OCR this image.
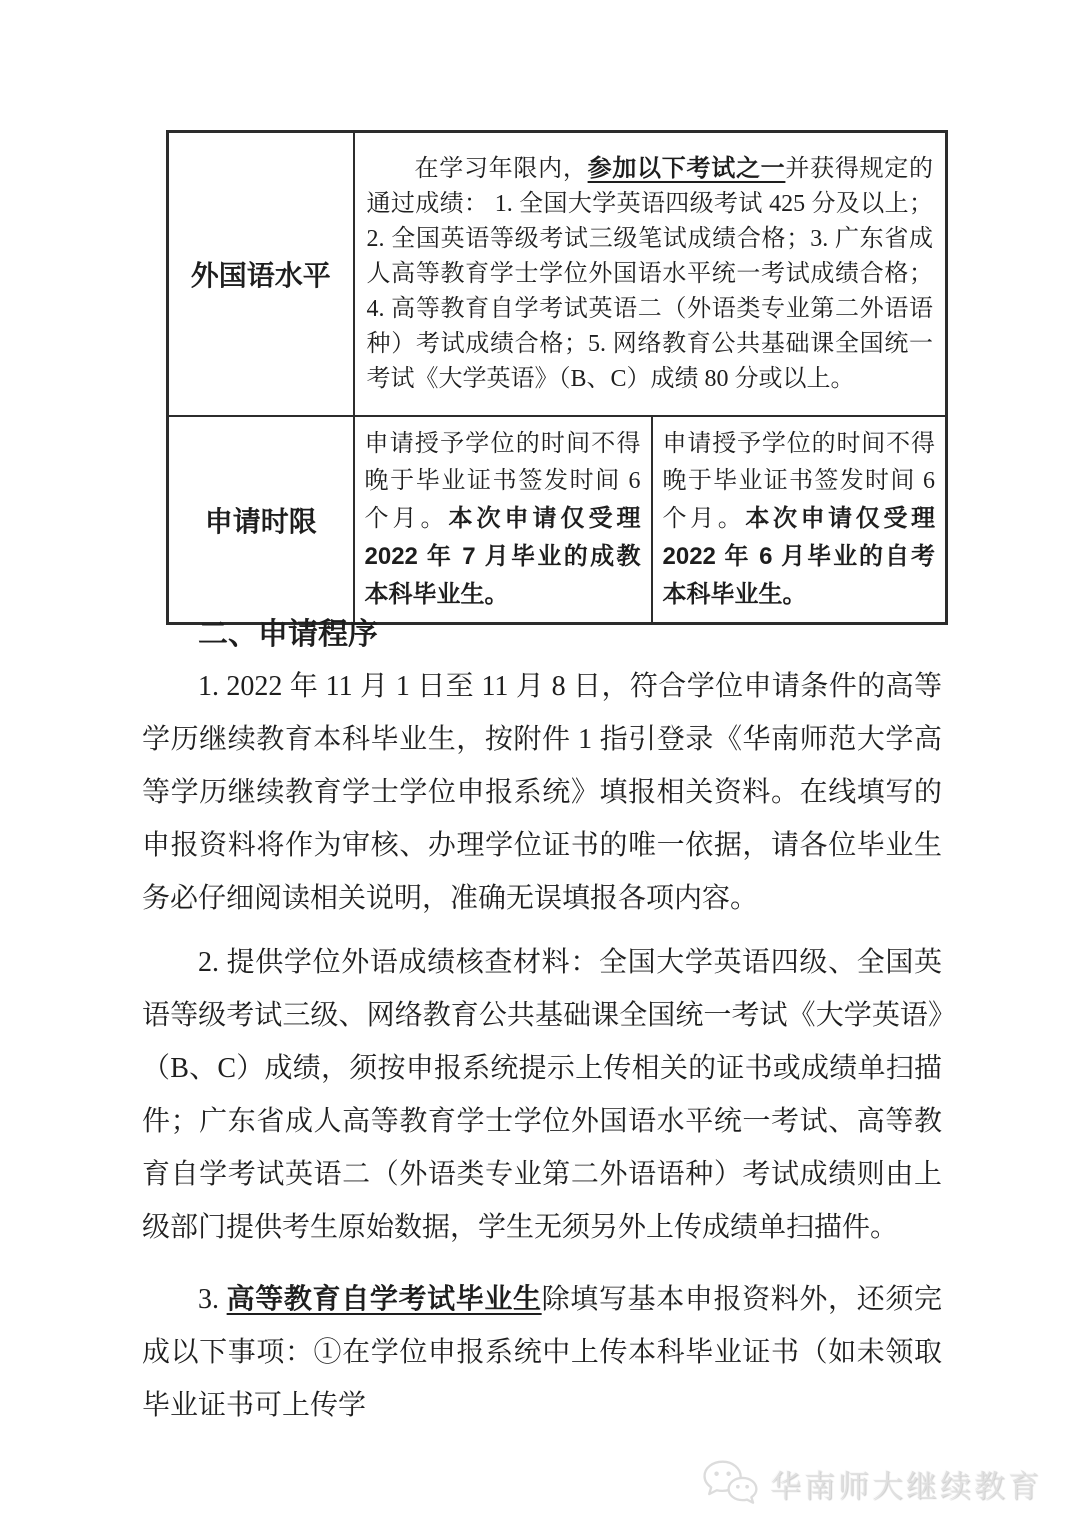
外国语水平	在学习年限内，参加以下考试之一并获得规定的通过成绩： 1. 全国大学英语四级考试 425 分及以上；2. 全国英语等级考试三级笔试成绩合格；3. 广东省成人高等教育学士学位外国语水平统一考试成绩合格；4. 高等教育自学考试英语二（外语类专业第二外语语种）考试成绩合格；5. 网络教育公共基础课全国统一考试《大学英语》（B、C）成绩 80 分或以上。	
申请时限	申请授予学位的时间不得晚于毕业证书签发时间 6 个月。本次申请仅受理 2022 年 7 月毕业的成教本科毕业生。	申请授予学位的时间不得晚于毕业证书签发时间 6 个月。本次申请仅受理 2022 年 6 月毕业的自考本科毕业生。
二、申请程序

1. 2022 年 11 月 1 日至 11 月 8 日，符合学位申请条件的高等学历继续教育本科毕业生，按附件 1 指引登录《华南师范大学高等学历继续教育学士学位申报系统》填报相关资料。在线填写的申报资料将作为审核、办理学位证书的唯一依据，请各位毕业生务必仔细阅读相关说明，准确无误填报各项内容。

2. 提供学位外语成绩核查材料：全国大学英语四级、全国英语等级考试三级、网络教育公共基础课全国统一考试《大学英语》（B、C）成绩，须按申报系统提示上传相关的证书或成绩单扫描件；广东省成人高等教育学士学位外国语水平统一考试、高等教育自学考试英语二（外语类专业第二外语语种）考试成绩则由上级部门提供考生原始数据，学生无须另外上传成绩单扫描件。

3. 高等教育自学考试毕业生除填写基本申报资料外，还须完成以下事项：①在学位申报系统中上传本科毕业证书（如未领取毕业证书可上传学

华南师大继续教育
